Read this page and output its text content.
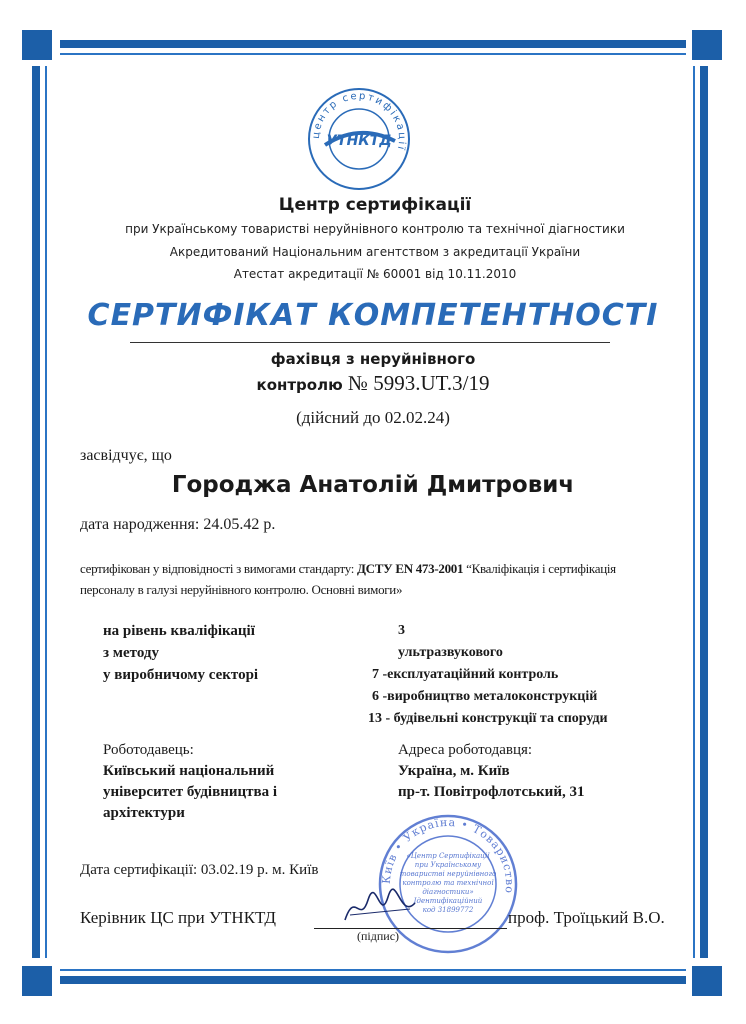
центр сертифікації
УТНКТД
Центр сертифікації
при Українському товаристві неруйнівного контролю та технічної діагностики
Акредитований Національним агентством з акредитації України
Атестат акредитації № 60001 від 10.11.2010
СЕРТИФІКАТ КОМПЕТЕНТНОСТІ
фахівця з неруйнівного
контролю № 5993.UT.3/19
(дійсний до 02.02.24)
засвідчує, що
Городжа Анатолій Дмитрович
дата народження: 24.05.42 р.
сертифікован у відповідності з вимогами стандарту: ДСТУ EN 473-2001 “Кваліфікація і сертифікація персоналу в галузі неруйнівного контролю. Основні вимоги»
на рівень кваліфікації
з методу
у виробничому секторі
3
ультразвукового
7 -експлуатаційний контроль
6 -виробництво металоконструкцій
13 - будівельні конструкції та споруди
Роботодавець:
Київський національний
університет будівництва і
архітектури
Адреса роботодавця:
Україна, м. Київ
пр-т. Повітрофлотський, 31
Київ • Україна • Товариство
«Центр Сертифікації
при Українському
товаристві неруйнівного
контролю та технічної
діагностики»
Ідентифікаційний
код 31899772
Дата сертифікації: 03.02.19 р. м. Київ
Керівник ЦС при УТНКТД
(підпис)
проф. Троїцький В.О.
